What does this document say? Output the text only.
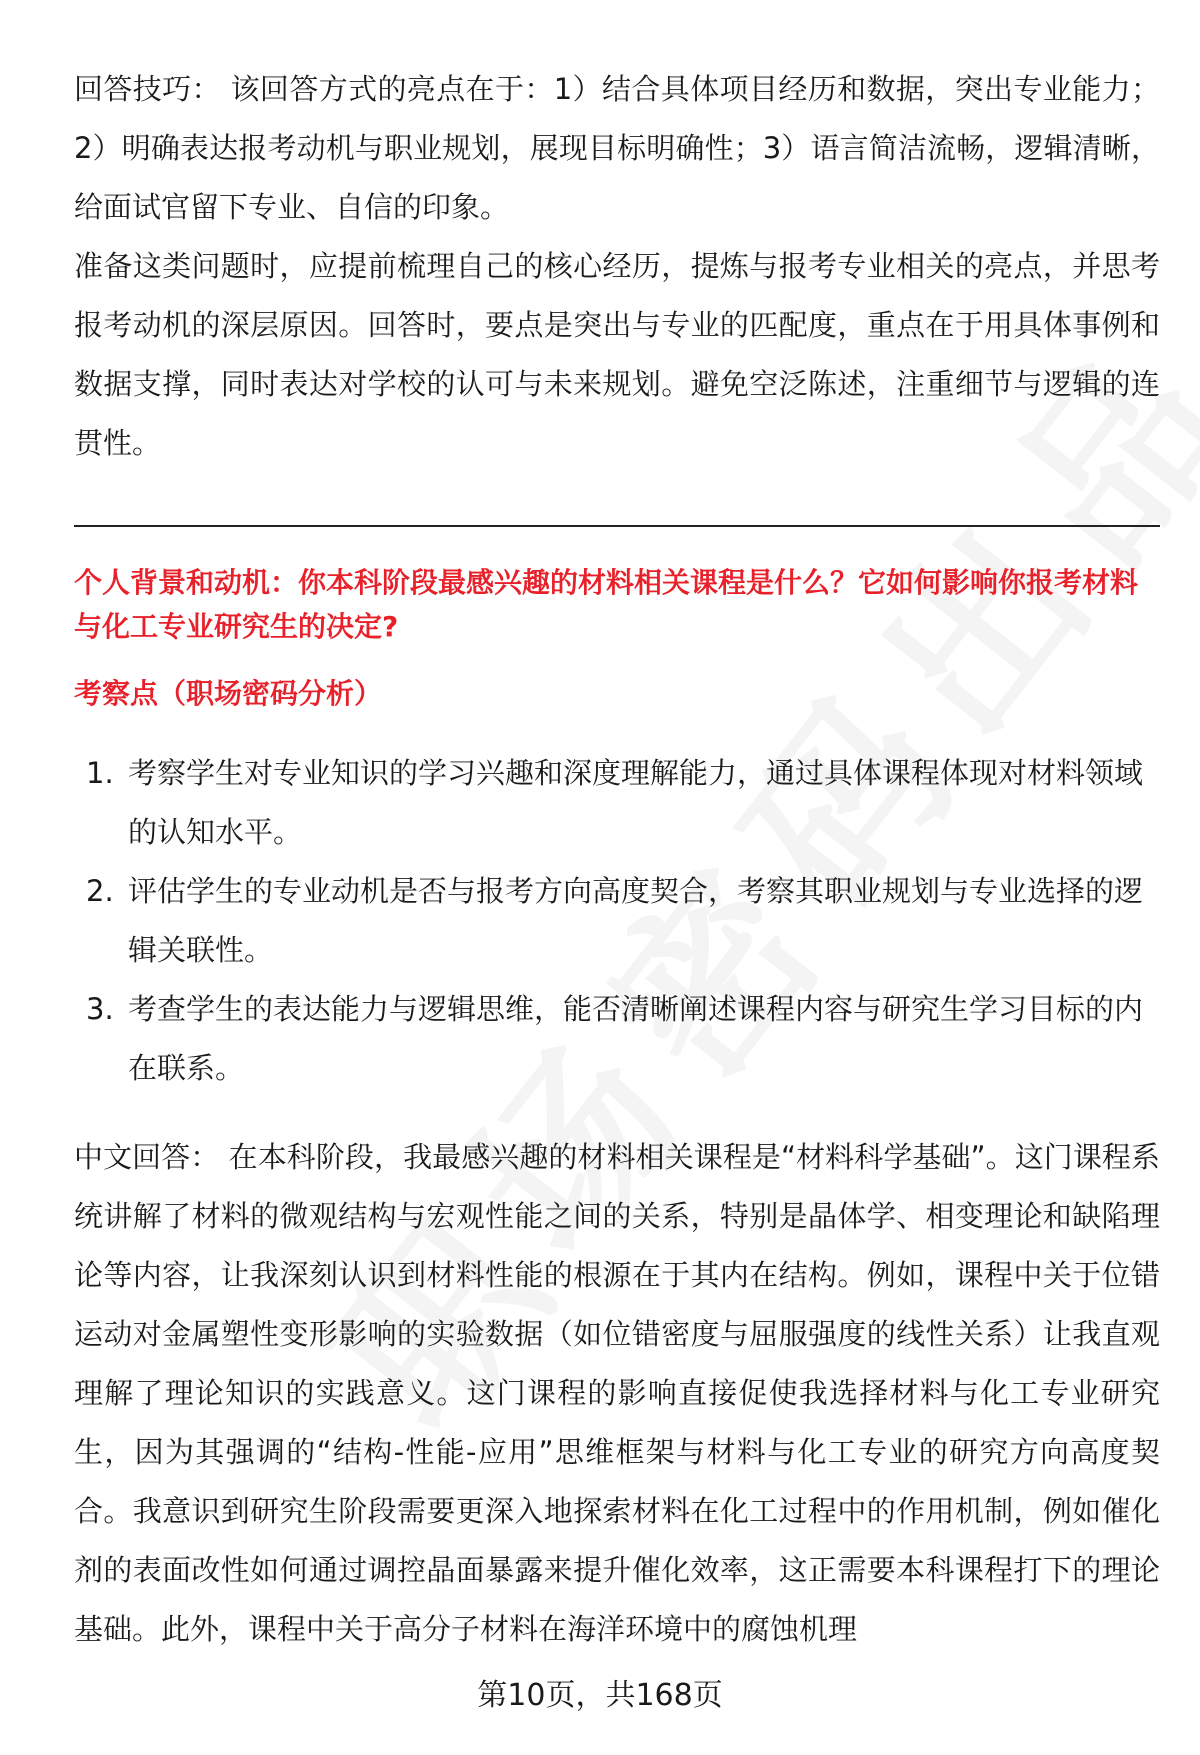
回答技巧： 该回答方式的亮点在于：1）结合具体项目经历和数据，突出专业能力；2）明确表达报考动机与职业规划，展现目标明确性；3）语言简洁流畅，逻辑清晰，给面试官留下专业、自信的印象。

准备这类问题时，应提前梳理自己的核心经历，提炼与报考专业相关的亮点，并思考报考动机的深层原因。回答时，要点是突出与专业的匹配度，重点在于用具体事例和数据支撑，同时表达对学校的认可与未来规划。避免空泛陈述，注重细节与逻辑的连贯性。

个人背景和动机：你本科阶段最感兴趣的材料相关课程是什么？它如何影响你报考材料与化工专业研究生的决定?
考察点（职场密码分析）
1. 考察学生对专业知识的学习兴趣和深度理解能力，通过具体课程体现对材料领域的认知水平。
2. 评估学生的专业动机是否与报考方向高度契合，考察其职业规划与专业选择的逻辑关联性。
3. 考查学生的表达能力与逻辑思维，能否清晰阐述课程内容与研究生学习目标的内在联系。

中文回答： 在本科阶段，我最感兴趣的材料相关课程是“材料科学基础”。这门课程系统讲解了材料的微观结构与宏观性能之间的关系，特别是晶体学、相变理论和缺陷理论等内容，让我深刻认识到材料性能的根源在于其内在结构。例如，课程中关于位错运动对金属塑性变形影响的实验数据（如位错密度与屈服强度的线性关系）让我直观理解了理论知识的实践意义。这门课程的影响直接促使我选择材料与化工专业研究生，因为其强调的“结构-性能-应用”思维框架与材料与化工专业的研究方向高度契合。我意识到研究生阶段需要更深入地探索材料在化工过程中的作用机制，例如催化剂的表面改性如何通过调控晶面暴露来提升催化效率，这正需要本科课程打下的理论基础。此外，课程中关于高分子材料在海洋环境中的腐蚀机理

第10页，共168页
